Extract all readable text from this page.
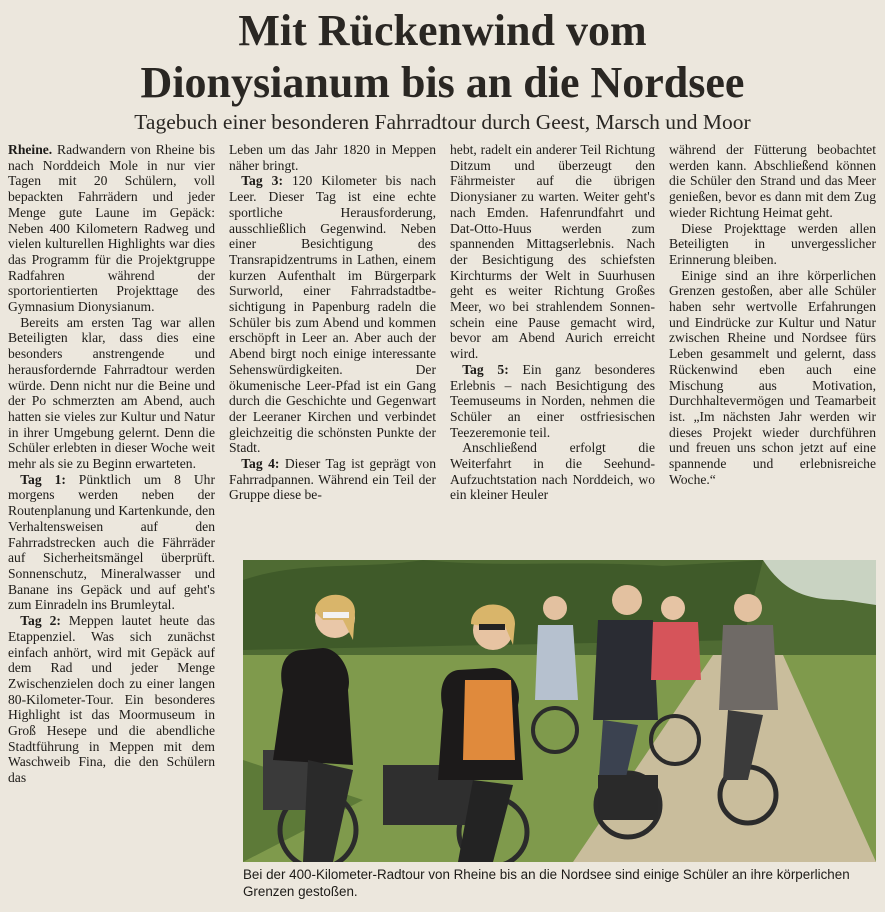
Mit Rückenwind vom
Dionysianum bis an die Nordsee

Tagebuch einer besonderen Fahrradtour durch Geest, Marsch und Moor

Rheine. Radwandern von Rheine bis nach Norddeich Mole in nur vier Tagen mit 20 Schülern, voll bepackten Fahrrädern und jeder Menge gute Laune im Gepäck: Neben 400 Kilometern Radweg und vielen kulturellen Highlights war dies das Programm für die Projektgruppe Radfahren während der sportorientierten Projekttage des Gymnasium Dionysianum.

Bereits am ersten Tag war allen Beteiligten klar, dass dies eine besonders anstrengende und herausfordernde Fahrradtour werden würde. Denn nicht nur die Beine und der Po schmerzten am Abend, auch hatten sie vieles zur Kultur und Natur in ihrer Umgebung gelernt. Denn die Schüler erlebten in dieser Woche weit mehr als sie zu Beginn erwarteten.

Tag 1: Pünktlich um 8 Uhr morgens werden neben der Routenplanung und Kartenkunde, den Verhaltensweisen auf den Fahrradstrecken auch die Fährräder auf Sicherheitsmängel überprüft. Sonnenschutz, Mineralwasser und Banane ins Gepäck und auf geht's zum Einradeln ins Brumleytal.

Tag 2: Meppen lautet heute das Etappenziel. Was sich zunächst einfach anhört, wird mit Gepäck auf dem Rad und jeder Menge Zwischenzielen doch zu einer langen 80-Kilometer-Tour. Ein besonderes Highlight ist das Moormuseum in Groß Hesepe und die abendliche Stadtführung in Meppen mit dem Waschweib Fina, die den Schülern das

Leben um das Jahr 1820 in Meppen näher bringt.

Tag 3: 120 Kilometer bis nach Leer. Dieser Tag ist eine echte sportliche Herausforderung, ausschließlich Gegenwind. Neben einer Besichtigung des Transrapidzentrums in Lathen, einem kurzen Aufenthalt im Bürgerpark Surworld, einer Fahrradstadtbesichtigung in Papenburg radeln die Schüler bis zum Abend und kommen erschöpft in Leer an. Aber auch der Abend birgt noch einige interessante Sehenswürdigkeiten. Der ökumenische Leer-Pfad ist ein Gang durch die Geschichte und Gegenwart der Leeraner Kirchen und verbindet gleichzeitig die schönsten Punkte der Stadt.

Tag 4: Dieser Tag ist geprägt von Fahrradpannen. Während ein Teil der Gruppe diese be-

hebt, radelt ein anderer Teil Richtung Ditzum und überzeugt den Fährmeister auf die übrigen Dionysianer zu warten. Weiter geht's nach Emden. Hafenrundfahrt und Dat-Otto-Huus werden zum spannenden Mittagserlebnis. Nach der Besichtigung des schiefsten Kirchturms der Welt in Suurhusen geht es weiter Richtung Großes Meer, wo bei strahlendem Sonnenschein eine Pause gemacht wird, bevor am Abend Aurich erreicht wird.

Tag 5: Ein ganz besonderes Erlebnis – nach Besichtigung des Teemuseums in Norden, nehmen die Schüler an einer ostfriesischen Teezeremonie teil.

Anschließend erfolgt die Weiterfahrt in die Seehund-Aufzuchtstation nach Norddeich, wo ein kleiner Heuler

während der Fütterung beobachtet werden kann. Abschließend können die Schüler den Strand und das Meer genießen, bevor es dann mit dem Zug wieder Richtung Heimat geht.

Diese Projekttage werden allen Beteiligten in unvergesslicher Erinnerung bleiben.

Einige sind an ihre körperlichen Grenzen gestoßen, aber alle Schüler haben sehr wertvolle Erfahrungen und Eindrücke zur Kultur und Natur zwischen Rheine und Nordsee fürs Leben gesammelt und gelernt, dass Rückenwind eben auch eine Mischung aus Motivation, Durchhaltevermögen und Teamarbeit ist. „Im nächsten Jahr werden wir dieses Projekt wieder durchführen und freuen uns schon jetzt auf eine spannende und erlebnisreiche Woche.“

Bei der 400-Kilometer-Radtour von Rheine bis an die Nordsee sind einige Schüler an ihre körperlichen Grenzen gestoßen.
